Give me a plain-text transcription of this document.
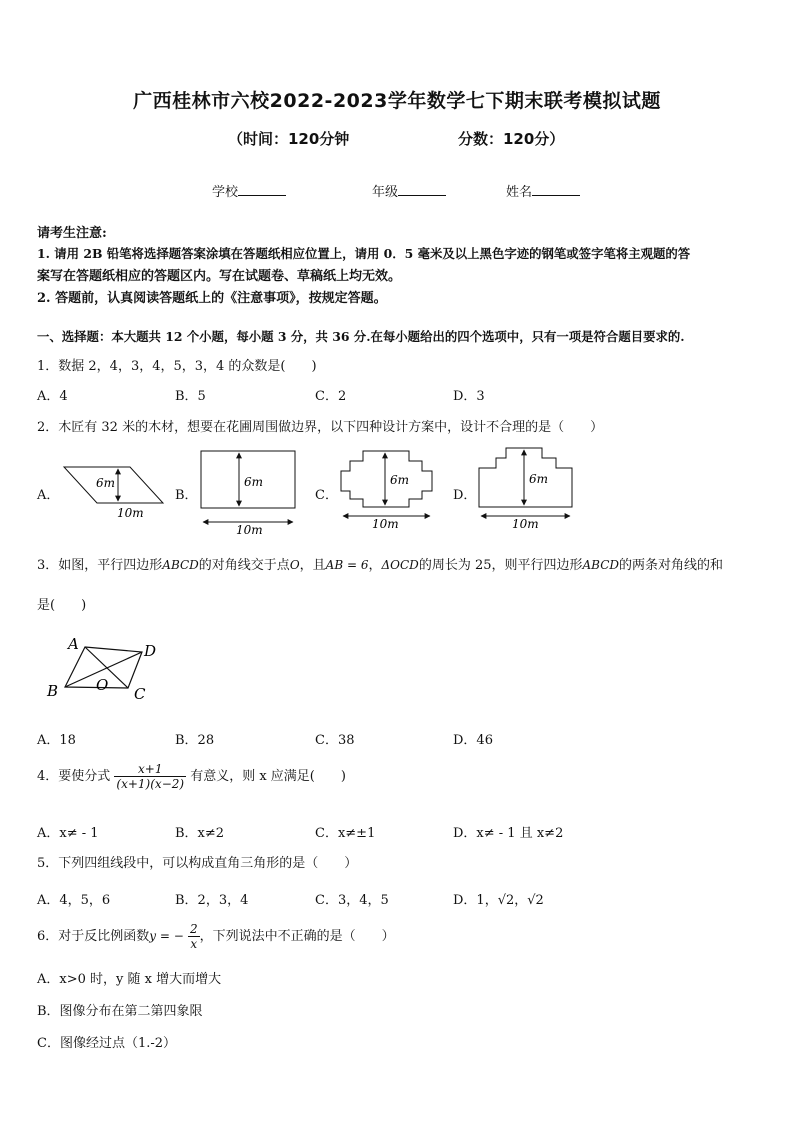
广西桂林市六校2022-2023学年数学七下期末联考模拟试题
（时间：120分钟	分数：120分）
学校	年级	姓名
请考生注意:
1. 请用 2B 铅笔将选择题答案涂填在答题纸相应位置上，请用 0．5 毫米及以上黑色字迹的钢笔或签字笔将主观题的答
案写在答题纸相应的答题区内。写在试题卷、草稿纸上均无效。
2. 答题前，认真阅读答题纸上的《注意事项》，按规定答题。
一、选择题：本大题共 12 个小题，每小题 3 分，共 36 分.在每小题给出的四个选项中，只有一项是符合题目要求的.
1．数据 2，4，3，4，5，3，4 的众数是(　　)
A．4	B．5	C．2	D．3
2．木匠有 32 米的木材，想要在花圃周围做边界，以下四种设计方案中，设计不合理的是（　　）
A．	B．	C．	D．
6m
10m
6m
10m
6m
10m
6m
10m
3．如图，平行四边形ABCD的对角线交于点O，且AB = 6，ΔOCD的周长为 25，则平行四边形ABCD的两条对角线的和
是(　　)
A	D
B	O C
A．18	B．28	C．38	D．46
4．要使分式 $\frac{x+1}{(x+1)(x-2)}$ 有意义，则 x 应满足(　　)
A．x≠ - 1	B．x≠2	C．x≠±1	D．x≠ - 1 且 x≠2
5．下列四组线段中，可以构成直角三角形的是（　　）
A．4，5，6	B．2，3，4	C．3，4，5	D．1，√2，√2
6．对于反比例函数y = − $\frac{2}{x}$ ，下列说法中不正确的是（　　）
A．x>0 时，y 随 x 增大而增大
B．图像分布在第二第四象限
C．图像经过点（1.-2）
